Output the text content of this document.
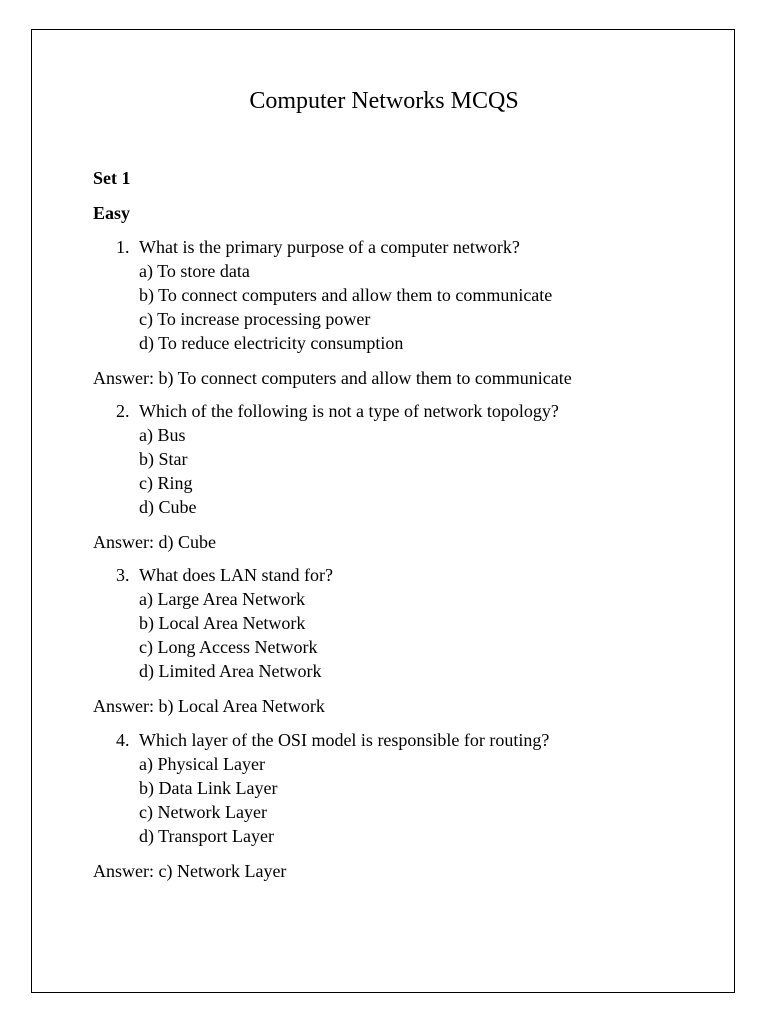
Computer Networks MCQS
Set 1
Easy
1. What is the primary purpose of a computer network?
a) To store data
b) To connect computers and allow them to communicate
c) To increase processing power
d) To reduce electricity consumption
Answer: b) To connect computers and allow them to communicate
2. Which of the following is not a type of network topology?
a) Bus
b) Star
c) Ring
d) Cube
Answer: d) Cube
3. What does LAN stand for?
a) Large Area Network
b) Local Area Network
c) Long Access Network
d) Limited Area Network
Answer: b) Local Area Network
4. Which layer of the OSI model is responsible for routing?
a) Physical Layer
b) Data Link Layer
c) Network Layer
d) Transport Layer
Answer: c) Network Layer
